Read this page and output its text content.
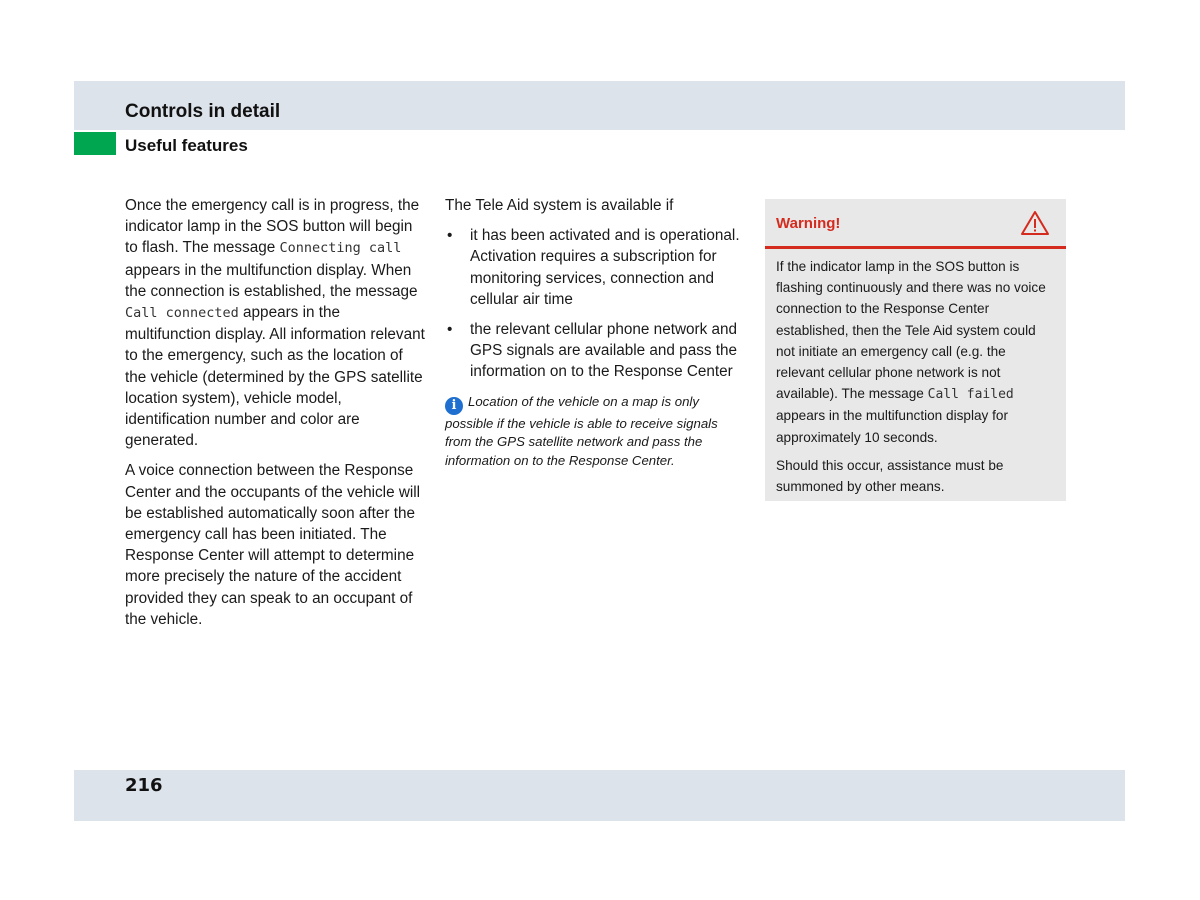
Controls in detail
Useful features

Once the emergency call is in progress, the indicator lamp in the SOS button will begin to flash. The message Connecting call appears in the multifunction display. When the connection is established, the message Call connected appears in the multifunction display. All information relevant to the emergency, such as the location of the vehicle (determined by the GPS satellite location system), vehicle model, identification number and color are generated.

A voice connection between the Response Center and the occupants of the vehicle will be established automatically soon after the emergency call has been initiated. The Response Center will attempt to determine more precisely the nature of the accident provided they can speak to an occupant of the vehicle.

The Tele Aid system is available if

• it has been activated and is operational. Activation requires a subscription for monitoring services, connection and cellular air time
• the relevant cellular phone network and GPS signals are available and pass the information on to the Response Center

i Location of the vehicle on a map is only possible if the vehicle is able to receive signals from the GPS satellite network and pass the information on to the Response Center.

Warning!

If the indicator lamp in the SOS button is flashing continuously and there was no voice connection to the Response Center established, then the Tele Aid system could not initiate an emergency call (e.g. the relevant cellular phone network is not available). The message Call failed appears in the multifunction display for approximately 10 seconds.

Should this occur, assistance must be summoned by other means.

216
